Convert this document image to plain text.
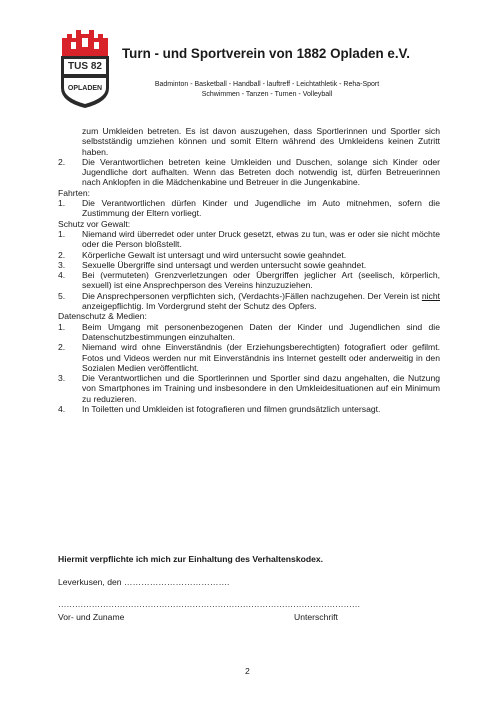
TUS 82
OPLADEN
Turn - und Sportverein von 1882 Opladen e.V.
Badminton - Basketball - Handball - lauftreff - Leichtathletik - Reha-Sport
Schwimmen - Tanzen - Turnen - Volleyball
zum Umkleiden betreten. Es ist davon auszugehen, dass Sportlerinnen und Sportler sich selbstständig umziehen können und somit Eltern während des Umkleidens keinen Zutritt haben.
2.	Die Verantwortlichen betreten keine Umkleiden und Duschen, solange sich Kinder oder Jugendliche dort aufhalten. Wenn das Betreten doch notwendig ist, dürfen Betreuerinnen nach Anklopfen in die Mädchenkabine und Betreuer in die Jungenkabine.

Fahrten:

1.	Die Verantwortlichen dürfen Kinder und Jugendliche im Auto mitnehmen, sofern die Zustimmung der Eltern vorliegt.

Schutz vor Gewalt:

1.	Niemand wird überredet oder unter Druck gesetzt, etwas zu tun, was er oder sie nicht möchte oder die Person bloßstellt.
2.	Körperliche Gewalt ist untersagt und wird untersucht sowie geahndet.
3.	Sexuelle Übergriffe sind untersagt und werden untersucht sowie geahndet.
4.	Bei (vermuteten) Grenzverletzungen oder Übergriffen jeglicher Art (seelisch, körperlich, sexuell) ist eine Ansprechperson des Vereins hinzuzuziehen.
5.	Die Ansprechpersonen verpflichten sich, (Verdachts-)Fällen nachzugehen. Der Verein ist nicht anzeigepflichtig. Im Vordergrund steht der Schutz des Opfers.

Datenschutz & Medien:

1.	Beim Umgang mit personenbezogenen Daten der Kinder und Jugendlichen sind die Datenschutzbestimmungen einzuhalten.
2.	Niemand wird ohne Einverständnis (der Erziehungsberechtigten) fotografiert oder gefilmt. Fotos und Videos werden nur mit Einverständnis ins Internet gestellt oder anderweitig in den Sozialen Medien veröffentlicht.
3.	Die Verantwortlichen und die Sportlerinnen und Sportler sind dazu angehalten, die Nutzung von Smartphones im Training und insbesondere in den Umkleidesituationen auf ein Minimum zu reduzieren.
4.	In Toiletten und Umkleiden ist fotografieren und filmen grundsätzlich untersagt.
Hiermit verpflichte ich mich zur Einhaltung des Verhaltenskodex.
Leverkusen, den ……………………………….
………………………………………………………………………………………………
Vor- und Zuname	Unterschrift
2
